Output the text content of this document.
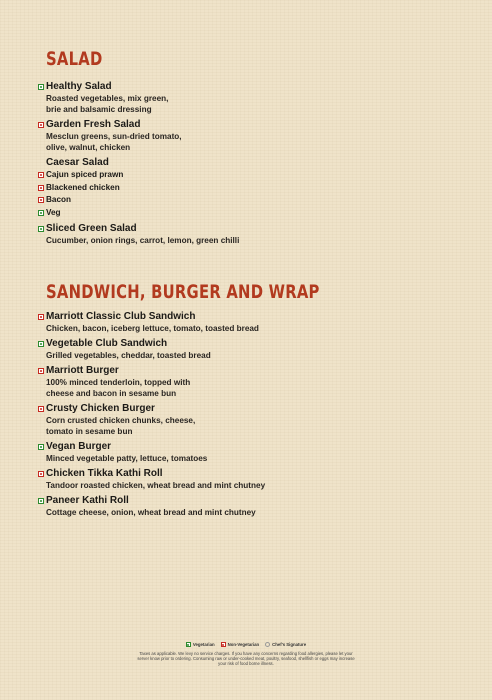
SALAD
Healthy Salad
Roasted vegetables, mix green,
brie and balsamic dressing
Garden Fresh Salad
Mesclun greens, sun-dried tomato,
olive, walnut, chicken
Caesar Salad
Cajun spiced prawn
Blackened chicken
Bacon
Veg
Sliced Green Salad
Cucumber, onion rings, carrot, lemon, green chilli
SANDWICH, BURGER AND WRAP
Marriott Classic Club Sandwich
Chicken, bacon, iceberg lettuce, tomato, toasted bread
Vegetable Club Sandwich
Grilled vegetables, cheddar, toasted bread
Marriott Burger
100% minced tenderloin, topped with
cheese and bacon in sesame bun
Crusty Chicken Burger
Corn crusted chicken chunks, cheese,
tomato in sesame bun
Vegan Burger
Minced vegetable patty, lettuce, tomatoes
Chicken Tikka Kathi Roll
Tandoor roasted chicken, wheat bread and mint chutney
Paneer Kathi Roll
Cottage cheese, onion, wheat bread and mint chutney
Vegetarian	Non-Vegetarian	Chef's Signature
Taxes as applicable. We levy no service charges. If you have any concerns regarding food allergies, please let your server know prior to ordering. Consuming raw or under-cooked meat, poultry, seafood, shellfish or eggs may increase your risk of food borne illness.
